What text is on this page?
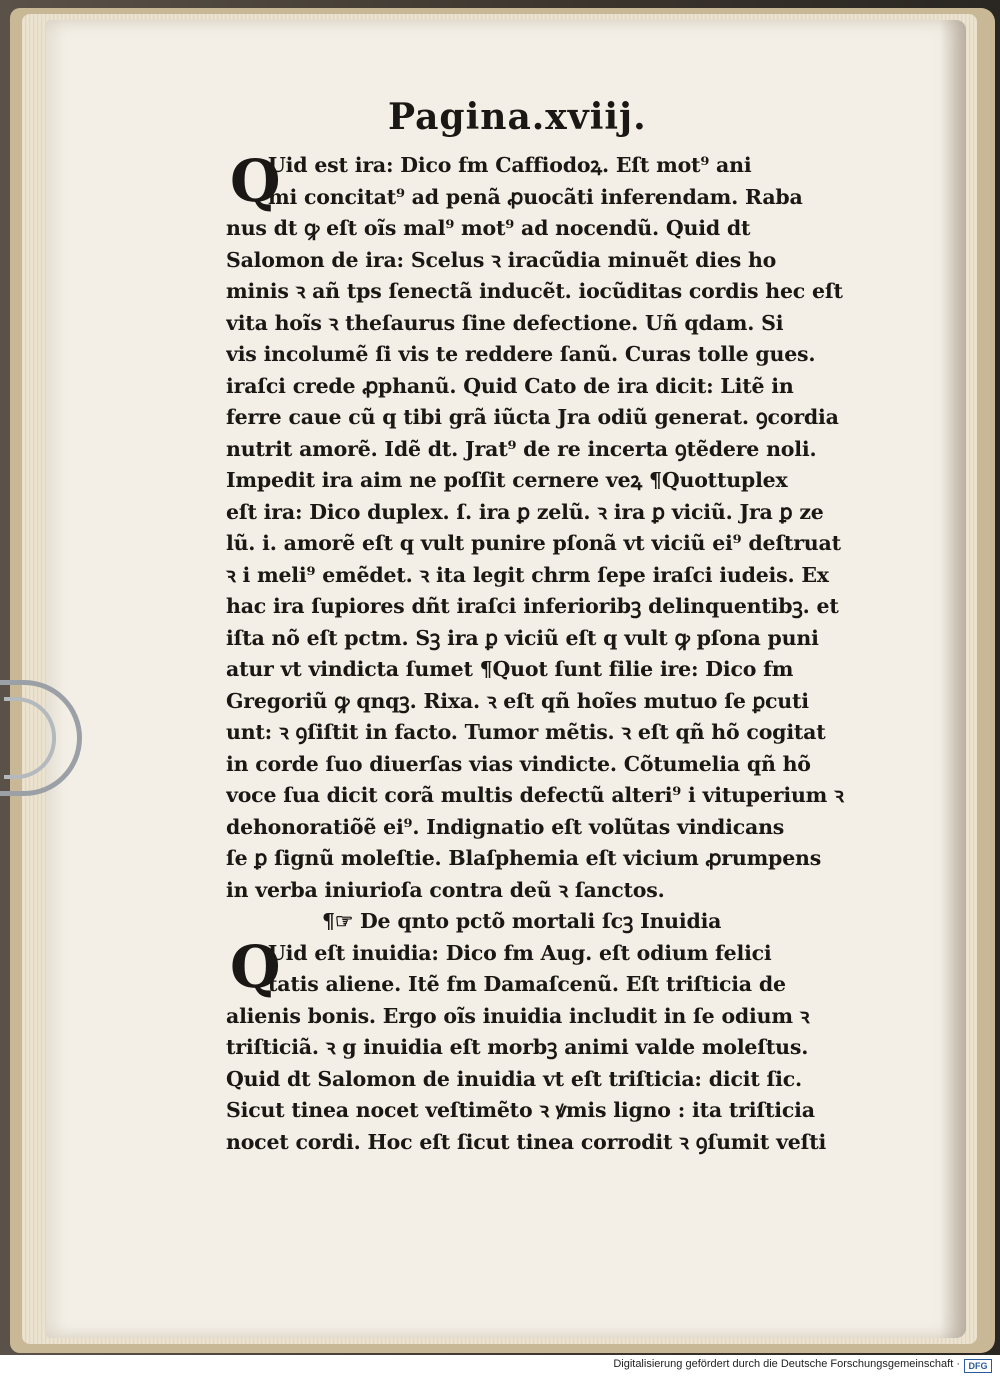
Pagina.xviij.
Q
Uid est ira: Dico fm Caffiodoꝝ. Eſt mot⁹ ani
mi concitat⁹ ad penã ꝓuocãti inferendam. Raba
nus dt ꝙ eſt oĩs mal⁹ mot⁹ ad nocendũ. Quid dt
Salomon de ira: Scelus ꝛ iracũdia minuẽt dies ho
minis ꝛ añ tps ſenectã inducẽt. iocũditas cordis hec eſt
vita hoĩs ꝛ theſaurus ſine defectione. Uñ qdam. Si
vis incolumẽ ſi vis te reddere ſanũ. Curas tolle gues.
iraſci crede ꝓphanũ. Quid Cato de ira dicit: Litẽ in
ferre caue cũ q tibi grã iũcta Jra odiũ generat. ꝯcordia
nutrit amorẽ. Idẽ dt. Jrat⁹ de re incerta ꝯtẽdere noli.
Impedit ira aim ne poſſit cernere veꝝ ¶Quottuplex
eſt ira: Dico duplex. ſ. ira ꝑ zelũ. ꝛ ira ꝑ viciũ. Jra ꝑ ze
lũ. i. amorẽ eſt q vult punire pſonã vt viciũ ei⁹ deſtruat
ꝛ i meli⁹ emẽdet. ꝛ ita legit chrm ſepe iraſci iudeis. Ex
hac ira ſupiores dñt iraſci inferioribꝫ delinquentibꝫ. et
iſta nõ eſt pctm. Sꝫ ira ꝑ viciũ eſt q vult ꝙ pſona puni
atur vt vindicta ſumet ¶Quot ſunt filie ire: Dico fm
Gregoriũ ꝙ qnqꝫ. Rixa. ꝛ eſt qñ hoĩes mutuo ſe ꝑcuti
unt: ꝛ ꝯſiſtit in facto. Tumor mẽtis. ꝛ eſt qñ hõ cogitat
in corde ſuo diuerſas vias vindicte. Cõtumelia qñ hõ
voce ſua dicit corã multis defectũ alteri⁹ i vituperium ꝛ
dehonoratiõẽ ei⁹. Indignatio eſt volũtas vindicans
ſe ꝑ ſignũ moleſtie. Blaſphemia eſt vicium ꝓrumpens
in verba iniurioſa contra deũ ꝛ ſanctos.
¶☞ De qnto pctõ mortali ſcꝫ Inuidia
Q
Uid eſt inuidia: Dico fm Aug. eſt odium felici
tatis aliene. Itẽ fm Damaſcenũ. Eſt triſticia de
alienis bonis. Ergo oĩs inuidia includit in ſe odium ꝛ
triſticiã. ꝛ g inuidia eſt morbꝫ animi valde moleſtus.
Quid dt Salomon de inuidia vt eſt triſticia: dicit ſic.
Sicut tinea nocet veſtimẽto ꝛ ꝟmis ligno : ita triſticia
nocet cordi. Hoc eſt ſicut tinea corrodit ꝛ ꝯſumit veſti
Digitalisierung gefördert durch die Deutsche Forschungsgemeinschaft · DFG
